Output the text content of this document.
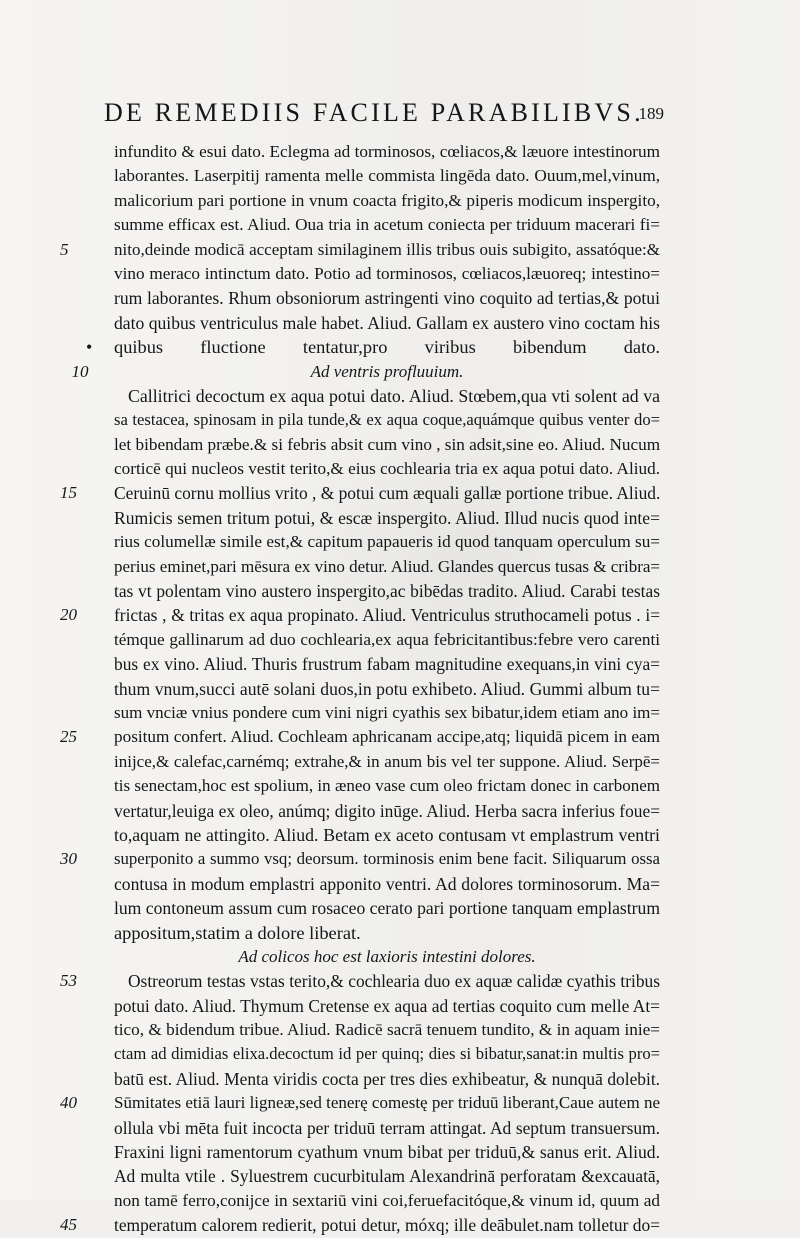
DE REMEDIIS FACILE PARABILIBVS.
189
infundito & esui dato. Eclegma ad torminosos, cœliacos,& læuore intestinorum
laborantes. Laserpitij ramenta melle commista lingēda dato. Ouum,mel,vinum,
malicorium pari portione in vnum coacta frigito,& piperis modicum inspergito,
summe efficax est. Aliud. Oua tria in acetum coniecta per triduum macerari fi=
5	nito,deinde modicā acceptam similaginem illis tribus ouis subigito, assatóque:&
vino meraco intinctum dato. Potio ad torminosos, cœliacos,læuoreq; intestino=
rum laborantes. Rhum obsoniorum astringenti vino coquito ad tertias,& potui
dato quibus ventriculus male habet. Aliud. Gallam ex austero vino coctam his
• quibus fluctione tentatur,pro viribus bibendum dato.
10	Ad ventris profluuium.
Callitrici decoctum ex aqua potui dato. Aliud. Stœbem,qua vti solent ad va
sa testacea, spinosam in pila tunde,& ex aqua coque,aquámque quibus venter do=
let bibendam præbe.& si febris absit cum vino , sin adsit,sine eo. Aliud. Nucum
corticē qui nucleos vestit terito,& eius cochlearia tria ex aqua potui dato. Aliud.
15	Ceruinū cornu mollius vrito , & potui cum æquali gallæ portione tribue. Aliud.
Rumicis semen tritum potui, & escæ inspergito. Aliud. Illud nucis quod inte=
rius columellæ simile est,& capitum papaueris id quod tanquam operculum su=
perius eminet,pari mēsura ex vino detur. Aliud. Glandes quercus tusas & cribra=
tas vt polentam vino austero inspergito,ac bibēdas tradito. Aliud. Carabi testas
20	frictas , & tritas ex aqua propinato. Aliud. Ventriculus struthocameli potus . i=
témque gallinarum ad duo cochlearia,ex aqua febricitantibus:febre vero carenti
bus ex vino. Aliud. Thuris frustrum fabam magnitudine exequans,in vini cya=
thum vnum,succi autē solani duos,in potu exhibeto. Aliud. Gummi album tu=
sum vnciæ vnius pondere cum vini nigri cyathis sex bibatur,idem etiam ano im=
25	positum confert. Aliud. Cochleam aphricanam accipe,atq; liquidā picem in eam
inijce,& calefac,carnémq; extrahe,& in anum bis vel ter suppone. Aliud. Serpē=
tis senectam,hoc est spolium, in æneo vase cum oleo frictam donec in carbonem
vertatur,leuiga ex oleo, anúmq; digito inūge. Aliud. Herba sacra inferius foue=
to,aquam ne attingito. Aliud. Betam ex aceto contusam vt emplastrum ventri
30	superponito a summo vsq; deorsum. torminosis enim bene facit. Siliquarum ossa
contusa in modum emplastri apponito ventri. Ad dolores torminosorum. Ma=
lum contoneum assum cum rosaceo cerato pari portione tanquam emplastrum
appositum,statim a dolore liberat.
Ad colicos hoc est laxioris intestini dolores.
53	Ostreorum testas vstas terito,& cochlearia duo ex aquæ calidæ cyathis tribus
potui dato. Aliud. Thymum Cretense ex aqua ad tertias coquito cum melle At=
tico, & bidendum tribue. Aliud. Radicē sacrā tenuem tundito, & in aquam inie=
ctam ad dimidias elixa.decoctum id per quinq; dies si bibatur,sanat:in multis pro=
batū est. Aliud. Menta viridis cocta per tres dies exhibeatur, & nunquā dolebit.
40	Sūmitates etiā lauri ligneæ,sed tenerę comestę per triduū liberant,Caue autem ne
ollula vbi mēta fuit incocta per triduū terram attingat. Ad septum transuersum.
Fraxini ligni ramentorum cyathum vnum bibat per triduū,& sanus erit. Aliud.
Ad multa vtile . Syluestrem cucurbitulam Alexandrinā perforatam &excauatā,
non tamē ferro,conijce in sextariū vini coi,feruefacitóque,& vinum id, quum ad
45	temperatum calorem redierit, potui detur, móxq; ille deābulet.nam tolletur do=
